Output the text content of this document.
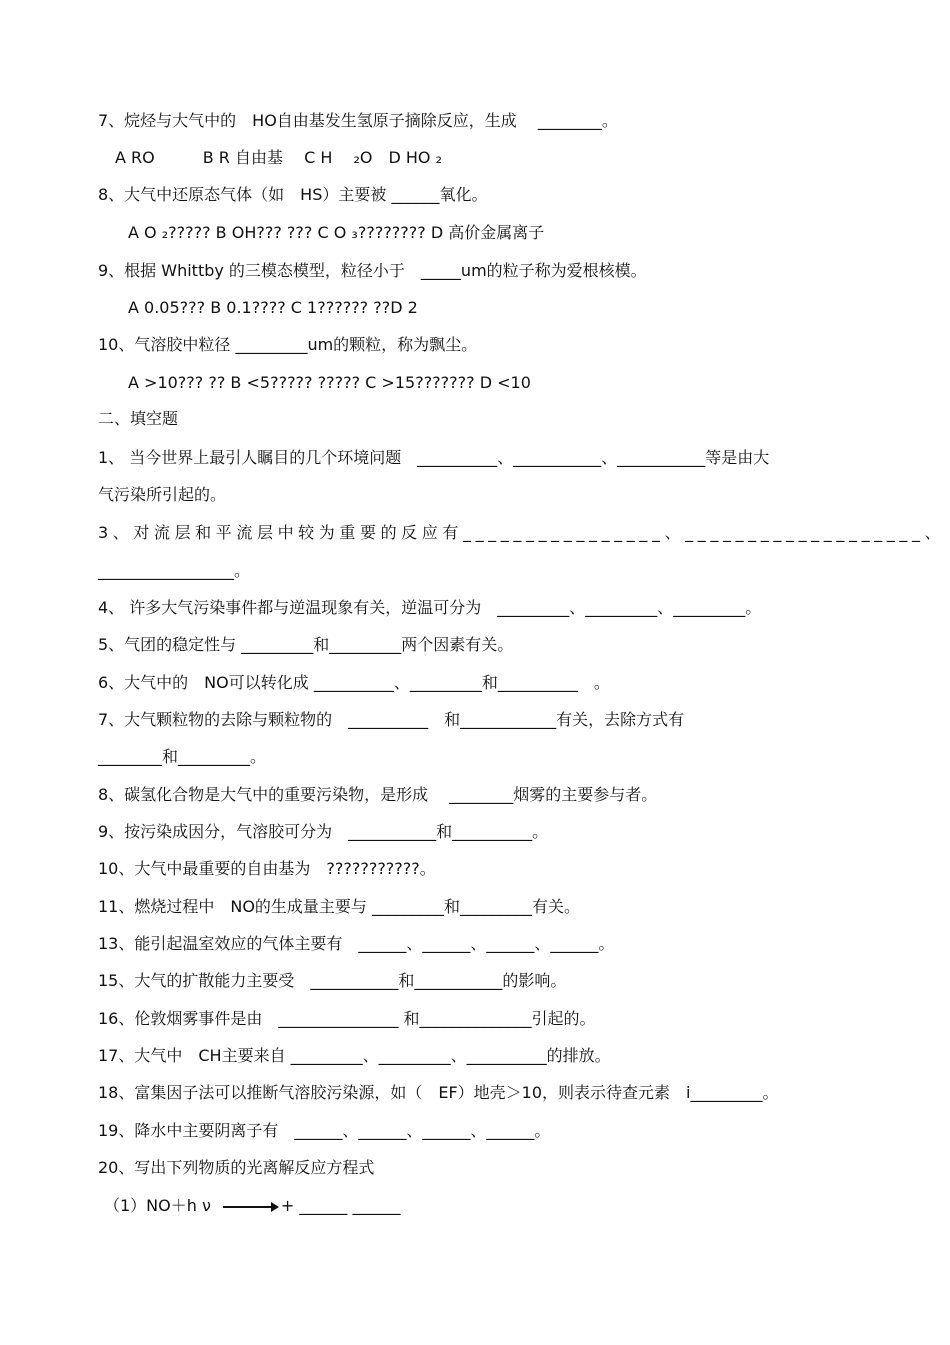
7、烷烃与大气中的　HO自由基发生氢原子摘除反应，生成　 ________。
A RO　　　B R 自由基　 C H 　₂O　D HO ₂
8、大气中还原态气体（如　HS）主要被 ______氧化。
A O ₂????? B OH??? ??? C O ₃???????? D 高价金属离子
9、根据 Whittby 的三模态模型，粒径小于　_____um的粒子称为爱根核模。
A 0.05??? B 0.1???? C 1?????? ??D 2
10、气溶胶中粒径 _________um的颗粒，称为飘尘。
A >10??? ?? B <5????? ????? C >15??????? D <10
二、填空题
1、 当今世界上最引人瞩目的几个环境问题　__________、___________、___________等是由大
气污染所引起的。
3、对流层和平流层中较为重要的反应有________________、___________________、
_________________。
4、 许多大气污染事件都与逆温现象有关，逆温可分为　_________、_________、_________。
5、气团的稳定性与 _________和_________两个因素有关。
6、大气中的　NO可以转化成 __________、_________和__________　。
7、大气颗粒物的去除与颗粒物的　__________　和____________有关，去除方式有
________和_________。
8、碳氢化合物是大气中的重要污染物，是形成　 ________烟雾的主要参与者。
9、按污染成因分，气溶胶可分为　___________和__________。
10、大气中最重要的自由基为　???????????。
11、燃烧过程中　NO的生成量主要与 _________和_________有关。
13、能引起温室效应的气体主要有　______、______、______、______。
15、大气的扩散能力主要受　___________和___________的影响。
16、伦敦烟雾事件是由　_______________ 和______________引起的。
17、大气中　CH主要来自 _________、_________、__________的排放。
18、富集因子法可以推断气溶胶污染源，如（　EF）地壳＞10，则表示待查元素　i_________。
19、降水中主要阴离子有　______、______、______、______。
20、写出下列物质的光离解反应方程式
（1）NO＋h ν	+ ______ ______
